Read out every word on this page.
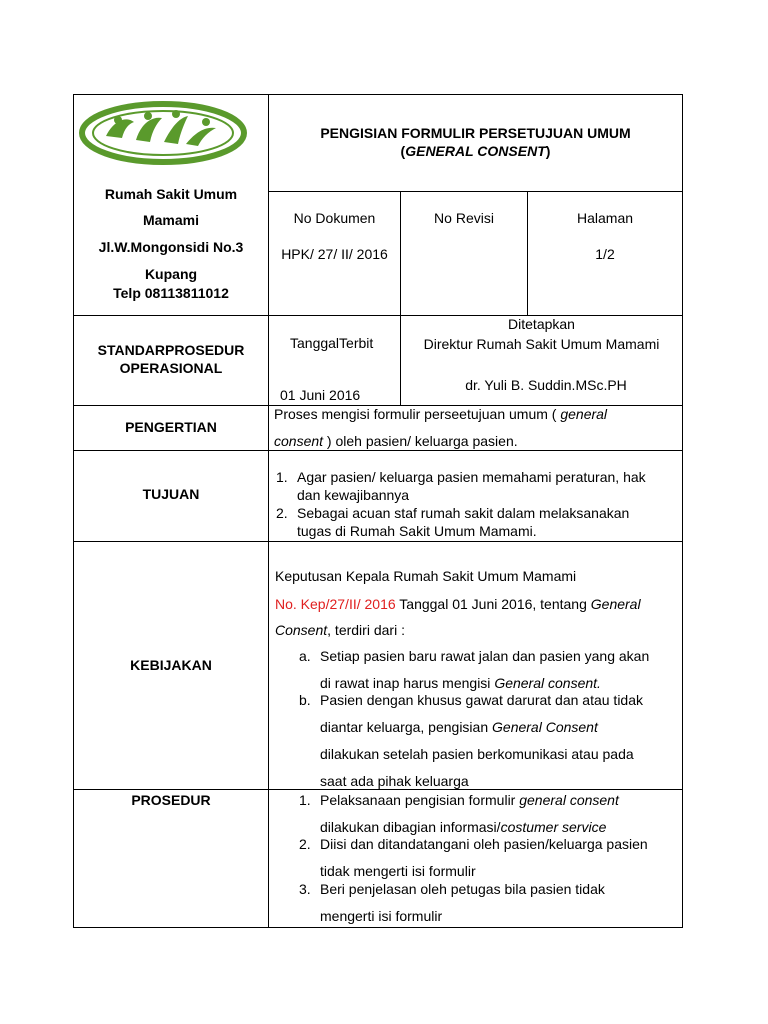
Rumah Sakit Umum
Mamami
Jl.W.Mongonsidi No.3
Kupang
Telp 08113811012
PENGISIAN FORMULIR PERSETUJUAN UMUM
(GENERAL CONSENT)
No Dokumen
HPK/ 27/ II/ 2016
No Revisi	Halaman
1/2
STANDARPROSEDUR
OPERASIONAL
TanggalTerbit
01 Juni 2016
Ditetapkan
Direktur Rumah Sakit Umum Mamami
dr. Yuli B. Suddin.MSc.PH
PENGERTIAN
Proses mengisi formulir perseetujuan umum ( general
consent ) oleh pasien/ keluarga pasien.
TUJUAN
1. Agar pasien/ keluarga pasien memahami peraturan, hak
dan kewajibannya
2. Sebagai acuan staf rumah sakit dalam melaksanakan
tugas di Rumah Sakit Umum Mamami.
KEBIJAKAN
Keputusan Kepala Rumah Sakit Umum Mamami
No. Kep/27/II/ 2016 Tanggal 01 Juni 2016, tentang General
Consent, terdiri dari :
a. Setiap pasien baru rawat jalan dan pasien yang akan
di rawat inap harus mengisi General consent.
b. Pasien dengan khusus gawat darurat dan atau tidak
diantar keluarga, pengisian General Consent
dilakukan setelah pasien berkomunikasi atau pada
saat ada pihak keluarga
PROSEDUR	1. Pelaksanaan pengisian formulir general consent
dilakukan dibagian informasi/costumer service
2. Diisi dan ditandatangani oleh pasien/keluarga pasien
tidak mengerti isi formulir
3. Beri penjelasan oleh petugas bila pasien tidak
mengerti isi formulir
